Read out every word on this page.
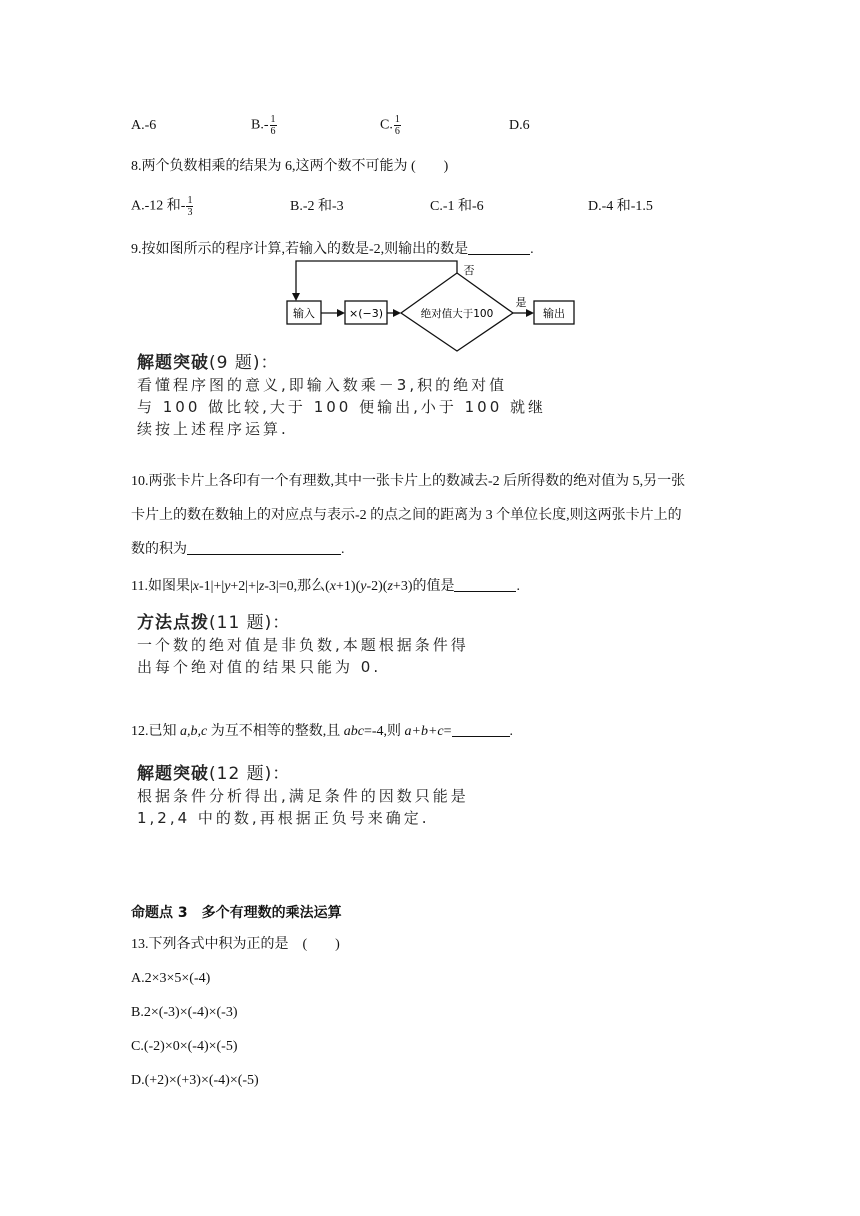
A.-6	$B.- \frac{1}{6}$	C. $\frac{1}{6}$	D.6
8.两个负数相乘的结果为 6,这两个数不可能为 (　　)
A.-12 和- $\frac{1}{3}$	B.-2 和-3	C.-1 和-6	D.-4 和-1.5
9.按如图所示的程序计算,若输入的数是-2,则输出的数是	.
输入	×(−3)	绝对值大于100	输出
是
否
解题突破(9 题)：
看懂程序图的意义,即输入数乘－3,积的绝对值
与 100 做比较,大于 100 便输出,小于 100 就继
续按上述程序运算.
10.两张卡片上各印有一个有理数,其中一张卡片上的数减去-2 后所得数的绝对值为 5,另一张
卡片上的数在数轴上的对应点与表示-2 的点之间的距离为 3 个单位长度,则这两张卡片上的
数的积为	.
11.如图果|x-1|+|y+2|+|z-3|=0,那么(x+1)(y-2)(z+3)的值是	.
方法点拨(11 题)：
一个数的绝对值是非负数,本题根据条件得
出每个绝对值的结果只能为 0.
12.已知 a,b,c 为互不相等的整数,且 abc=-4,则 a+b+c=	.
解题突破(12 题)：
根据条件分析得出,满足条件的因数只能是
1,2,4 中的数,再根据正负号来确定.
命题点 3　多个有理数的乘法运算
13.下列各式中积为正的是　(　　)
A.2×3×5×(-4)
B.2×(-3)×(-4)×(-3)
C.(-2)×0×(-4)×(-5)
D.(+2)×(+3)×(-4)×(-5)
